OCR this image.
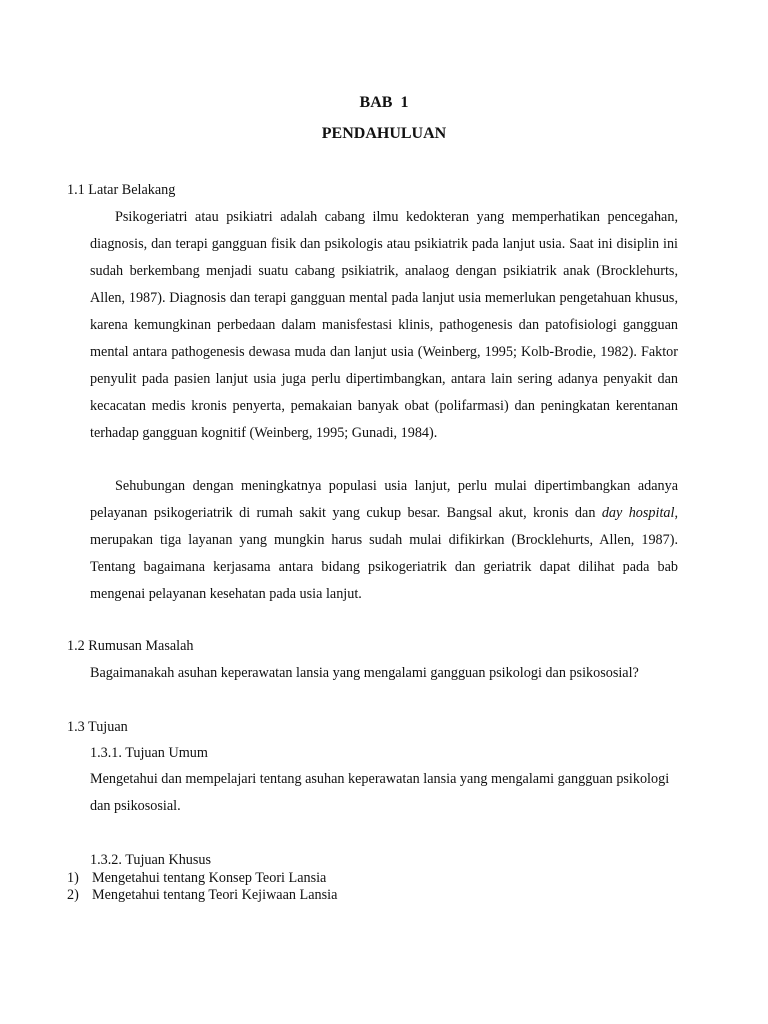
BAB  1
PENDAHULUAN
1.1 Latar Belakang
Psikogeriatri atau psikiatri adalah cabang ilmu kedokteran yang memperhatikan pencegahan, diagnosis, dan terapi gangguan fisik dan psikologis atau psikiatrik pada lanjut usia. Saat ini disiplin ini sudah berkembang menjadi suatu cabang psikiatrik, analaog dengan psikiatrik anak (Brocklehurts, Allen, 1987). Diagnosis dan terapi gangguan mental pada lanjut usia memerlukan pengetahuan khusus, karena kemungkinan perbedaan dalam manisfestasi klinis, pathogenesis dan patofisiologi gangguan mental antara pathogenesis dewasa muda dan lanjut usia (Weinberg, 1995; Kolb-Brodie, 1982). Faktor penyulit pada pasien lanjut usia juga perlu dipertimbangkan, antara lain sering adanya penyakit dan kecacatan medis kronis penyerta, pemakaian banyak obat (polifarmasi) dan peningkatan kerentanan terhadap gangguan kognitif (Weinberg, 1995; Gunadi, 1984).
Sehubungan dengan meningkatnya populasi usia lanjut, perlu mulai dipertimbangkan adanya pelayanan psikogeriatrik di rumah sakit yang cukup besar. Bangsal akut, kronis dan day hospital, merupakan tiga layanan yang mungkin harus sudah mulai difikirkan (Brocklehurts, Allen, 1987). Tentang bagaimana kerjasama antara bidang psikogeriatrik dan geriatrik dapat dilihat pada bab mengenai pelayanan kesehatan pada usia lanjut.
1.2 Rumusan Masalah
Bagaimanakah asuhan keperawatan lansia yang mengalami gangguan psikologi dan psikososial?
1.3 Tujuan
1.3.1. Tujuan Umum
Mengetahui dan mempelajari tentang asuhan keperawatan lansia yang mengalami gangguan psikologi dan psikososial.
1.3.2. Tujuan Khusus
1) Mengetahui tentang Konsep Teori Lansia
2) Mengetahui tentang Teori Kejiwaan Lansia
